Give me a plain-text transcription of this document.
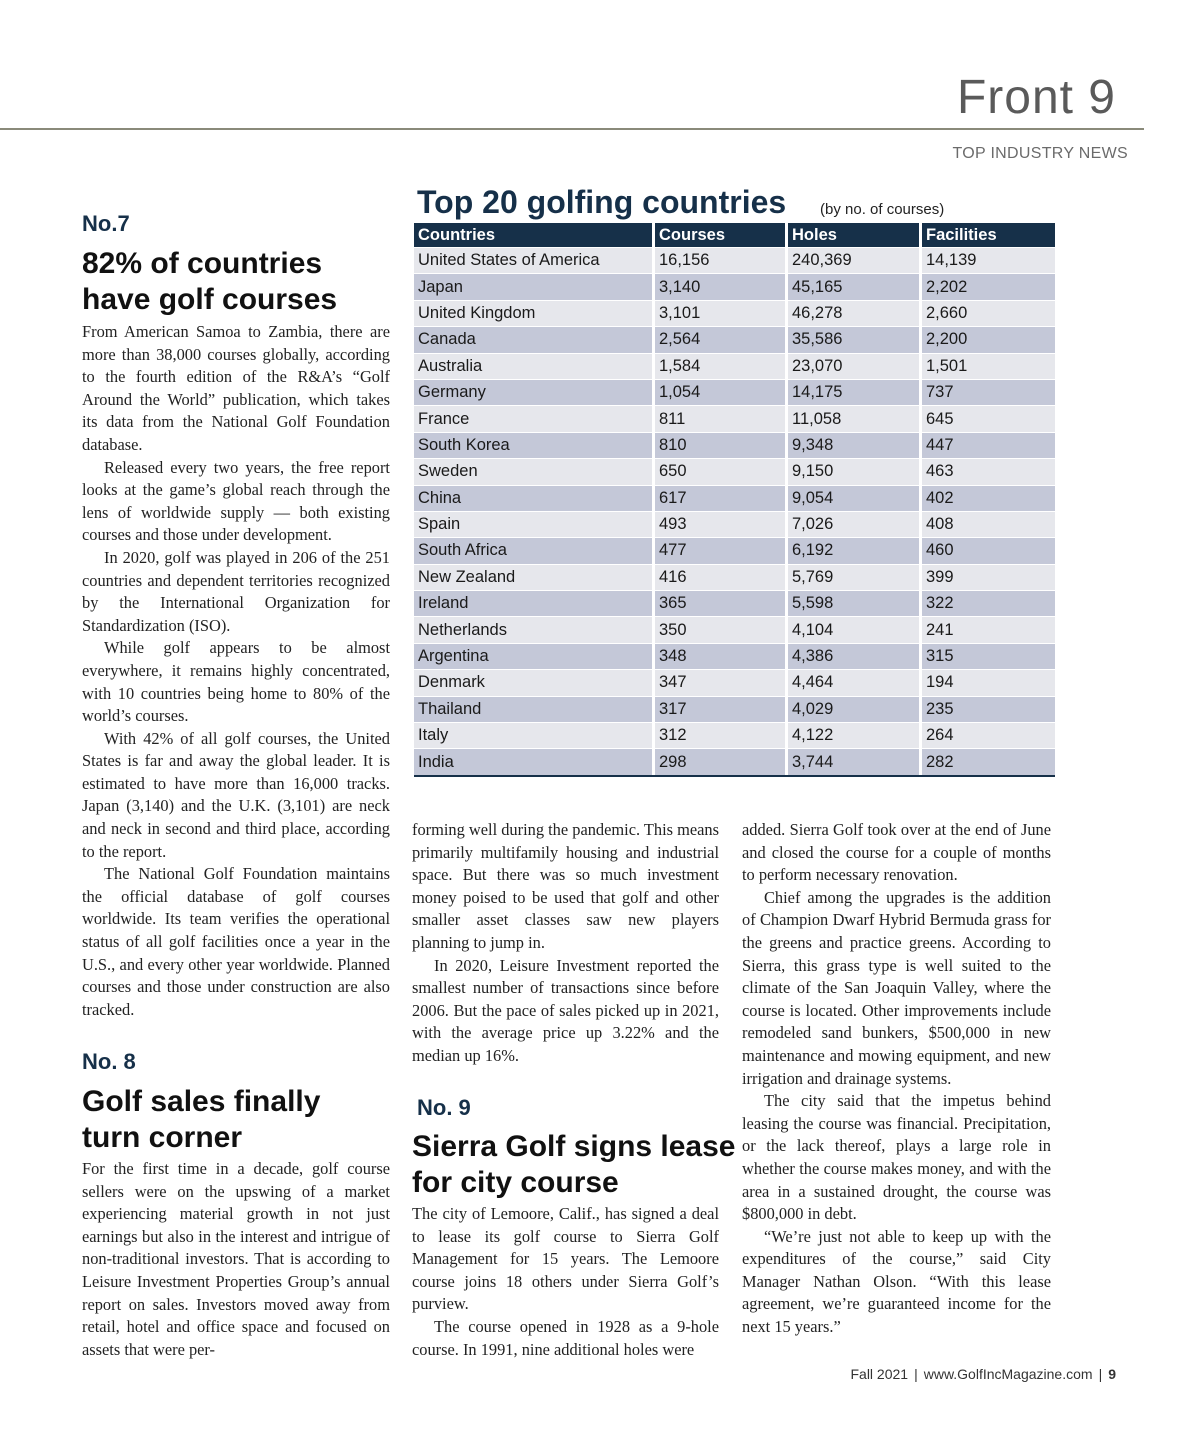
Front 9
TOP INDUSTRY NEWS
No.7
82% of countries
have golf courses

From American Samoa to Zambia, there are more than 38,000 courses globally, according to the fourth edition of the R&A’s “Golf Around the World” publication, which takes its data from the National Golf Foundation database.

Released every two years, the free report looks at the game’s global reach through the lens of worldwide supply — both existing courses and those under development.

In 2020, golf was played in 206 of the 251 countries and dependent territories recognized by the International Organization for Standardization (ISO).

While golf appears to be almost everywhere, it remains highly concentrated, with 10 countries being home to 80% of the world’s courses.

With 42% of all golf courses, the United States is far and away the global leader. It is estimated to have more than 16,000 tracks. Japan (3,140) and the U.K. (3,101) are neck and neck in second and third place, according to the report.

The National Golf Foundation maintains the official database of golf courses worldwide. Its team verifies the operational status of all golf facilities once a year in the U.S., and every other year worldwide. Planned courses and those under construction are also tracked.

No. 8
Golf sales finally
turn corner

For the first time in a decade, golf course sellers were on the upswing of a market experiencing material growth in not just earnings but also in the interest and intrigue of non-traditional investors. That is according to Leisure Investment Properties Group’s annual report on sales. Investors moved away from retail, hotel and office space and focused on assets that were per-

forming well during the pandemic. This means primarily multifamily housing and industrial space. But there was so much investment money poised to be used that golf and other smaller asset classes saw new players planning to jump in.

In 2020, Leisure Investment reported the smallest number of transactions since before 2006. But the pace of sales picked up in 2021, with the average price up 3.22% and the median up 16%.

No. 9
Sierra Golf signs lease
for city course

The city of Lemoore, Calif., has signed a deal to lease its golf course to Sierra Golf Management for 15 years. The Lemoore course joins 18 others under Sierra Golf’s purview.

The course opened in 1928 as a 9-hole course. In 1991, nine additional holes were

added. Sierra Golf took over at the end of June and closed the course for a couple of months to perform necessary renovation.

Chief among the upgrades is the addition of Champion Dwarf Hybrid Bermuda grass for the greens and practice greens. According to Sierra, this grass type is well suited to the climate of the San Joaquin Valley, where the course is located. Other improvements include remodeled sand bunkers, $500,000 in new maintenance and mowing equipment, and new irrigation and drainage systems.

The city said that the impetus behind leasing the course was financial. Precipitation, or the lack thereof, plays a large role in whether the course makes money, and with the area in a sustained drought, the course was $800,000 in debt.

“We’re just not able to keep up with the expenditures of the course,” said City Manager Nathan Olson. “With this lease agreement, we’re guaranteed income for the next 15 years.”

Top 20 golfing countries (by no. of courses)
Countries	Courses	Holes	Facilities
United States of America	16,156	240,369	14,139
Japan	3,140	45,165	2,202
United Kingdom	3,101	46,278	2,660
Canada	2,564	35,586	2,200
Australia	1,584	23,070	1,501
Germany	1,054	14,175	737
France	811	11,058	645
South Korea	810	9,348	447
Sweden	650	9,150	463
China	617	9,054	402
Spain	493	7,026	408
South Africa	477	6,192	460
New Zealand	416	5,769	399
Ireland	365	5,598	322
Netherlands	350	4,104	241
Argentina	348	4,386	315
Denmark	347	4,464	194
Thailand	317	4,029	235
Italy	312	4,122	264
India	298	3,744	282
Fall 2021 | www.GolfIncMagazine.com | 9
